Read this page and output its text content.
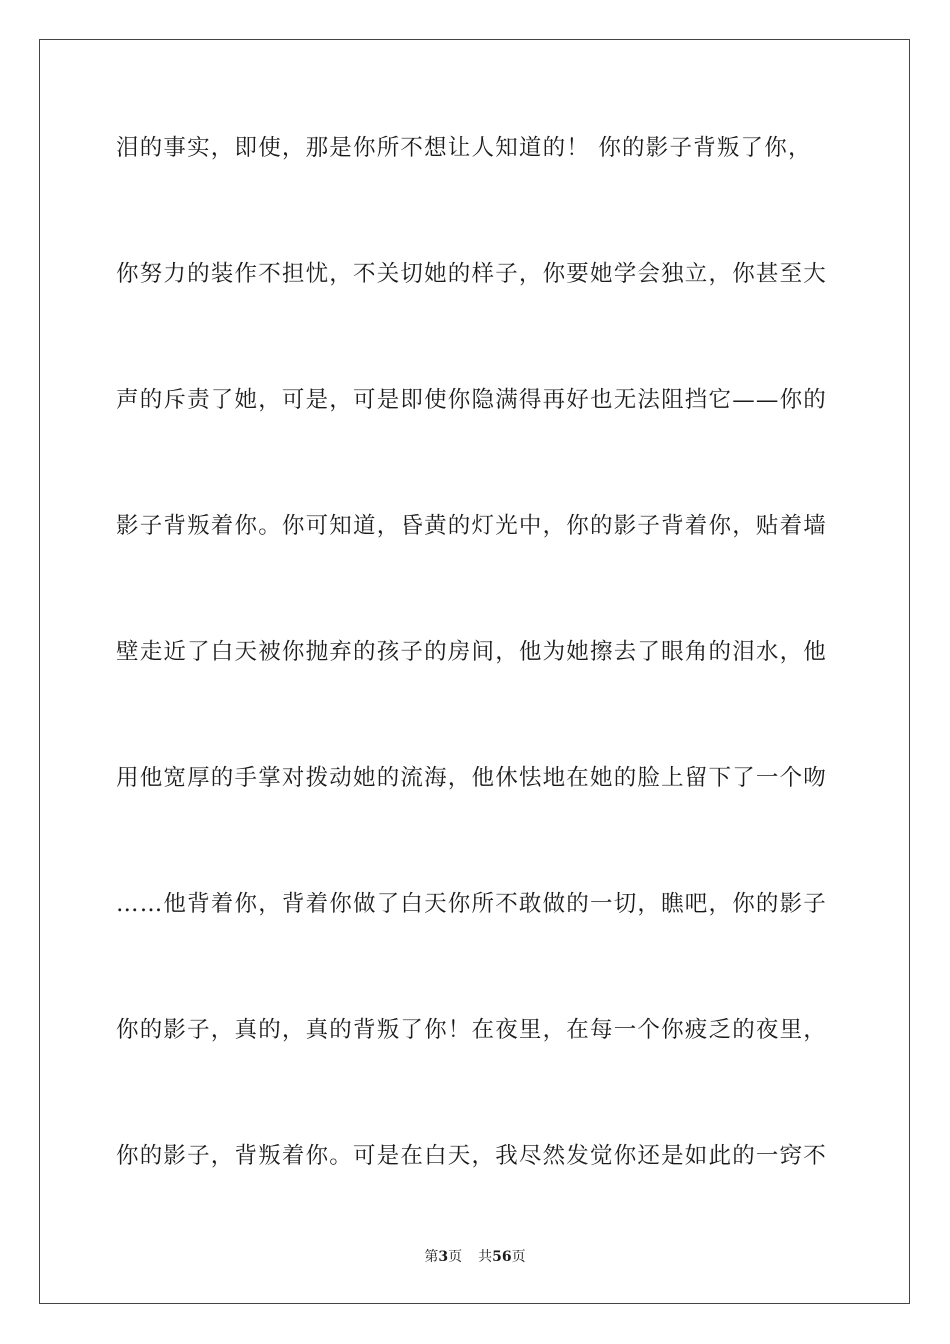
泪的事实，即使，那是你所不想让人知道的！ 你的影子背叛了你，
你努力的装作不担忧，不关切她的样子，你要她学会独立，你甚至大
声的斥责了她，可是，可是即使你隐满得再好也无法阻挡它——你的
影子背叛着你。你可知道，昏黄的灯光中，你的影子背着你，贴着墙
壁走近了白天被你抛弃的孩子的房间，他为她擦去了眼角的泪水，他
用他宽厚的手掌对拨动她的流海，他休怯地在她的脸上留下了一个吻
……他背着你，背着你做了白天你所不敢做的一切，瞧吧，你的影子
你的影子，真的，真的背叛了你！在夜里，在每一个你疲乏的夜里，
你的影子，背叛着你。可是在白天，我尽然发觉你还是如此的一窍不
第3页 共56页
